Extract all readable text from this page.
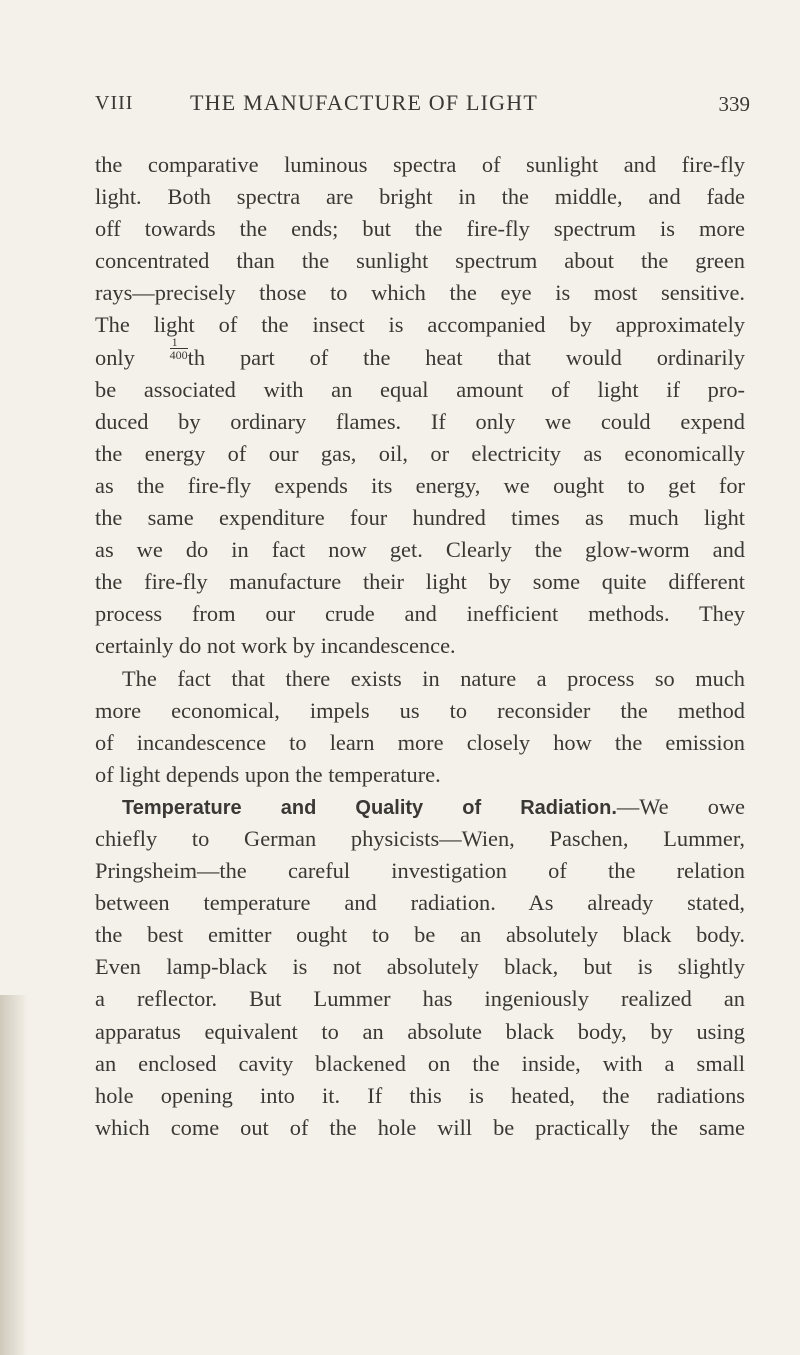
VIII	THE MANUFACTURE OF LIGHT	339
the comparative luminous spectra of sunlight and fire-fly
light. Both spectra are bright in the middle, and fade
off towards the ends; but the fire-fly spectrum is more
concentrated than the sunlight spectrum about the green
rays—precisely those to which the eye is most sensitive.
The light of the insect is accompanied by approximately
only	$\frac{1}{400}$ th part of the heat that would ordinarily
be associated with an equal amount of light if pro-
duced by ordinary flames. If only we could expend
the energy of our gas, oil, or electricity as economically
as the fire-fly expends its energy, we ought to get for
the same expenditure four hundred times as much light
as we do in fact now get. Clearly the glow-worm and
the fire-fly manufacture their light by some quite different
process from our crude and inefficient methods. They
certainly do not work by incandescence.
The fact that there exists in nature a process so much
more economical, impels us to reconsider the method
of incandescence to learn more closely how the emission
of light depends upon the temperature.
Temperature and Quality of Radiation.—We owe
chiefly to German physicists—Wien, Paschen, Lummer,
Pringsheim—the careful investigation of the relation
between temperature and radiation. As already stated,
the best emitter ought to be an absolutely black body.
Even lamp-black is not absolutely black, but is slightly
a reflector. But Lummer has ingeniously realized an
apparatus equivalent to an absolute black body, by using
an enclosed cavity blackened on the inside, with a small
hole opening into it. If this is heated, the radiations
which come out of the hole will be practically the same
